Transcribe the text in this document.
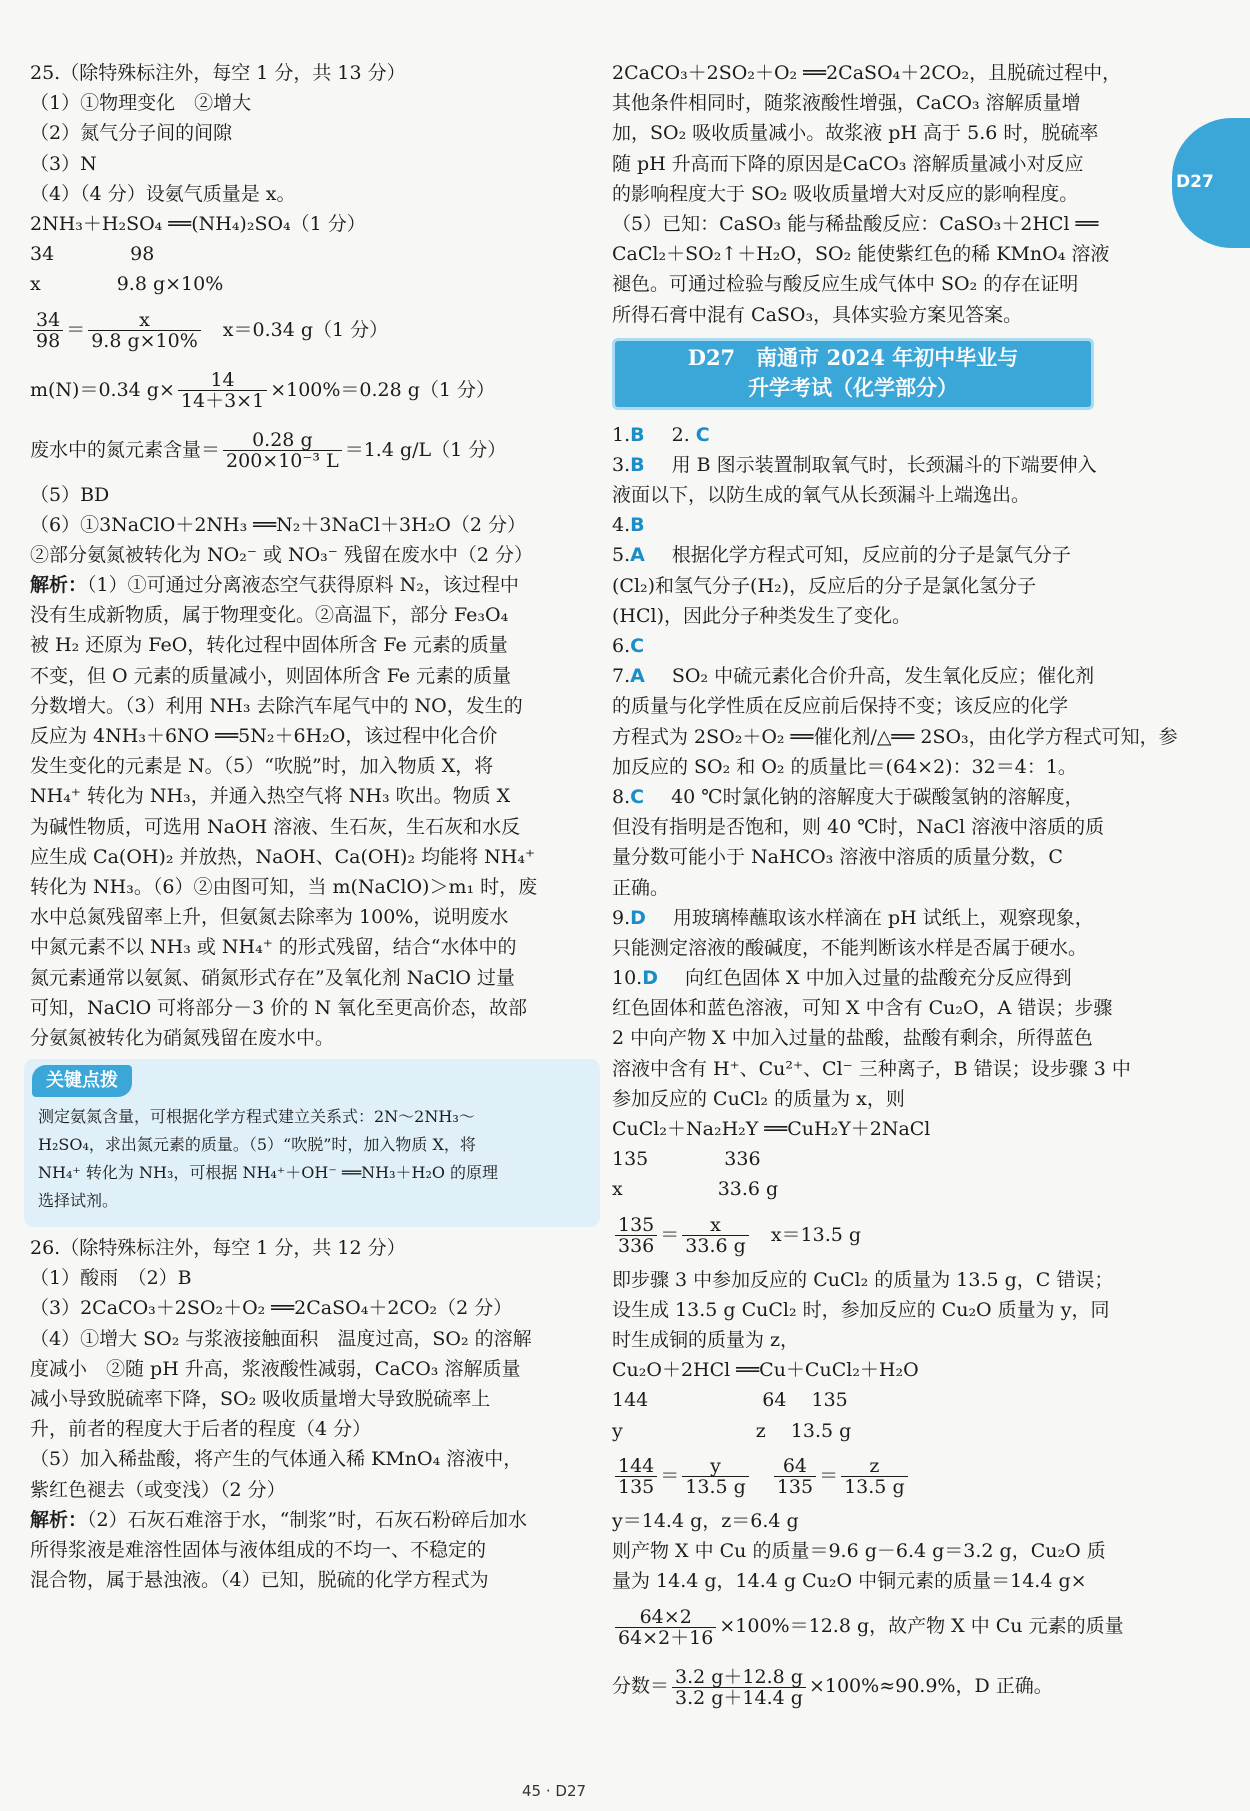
D27
25.（除特殊标注外，每空 1 分，共 13 分）
（1）①物理变化　②增大
（2）氮气分子间的间隙
（3）N
（4）（4 分）设氨气质量是 x。
2NH₃＋H₂SO₄ ══(NH₄)₂SO₄（1 分）
34　　　　98
x　　　　9.8 g×10%
$\frac{34}{98} = \frac{x}{9.8 g\times 10\%}$
　 x＝0.34 g（1 分）
m(N)＝0.34 $g\times \frac{14}{14+3\times 1} \times 100\%=0.28$ g（1 分）
废水中的氮元素含量＝ $\frac{0.28 g}{\text{200×10⁻³ L}} =1.4$ g/L（1 分）
（5）BD
（6）①3NaClO＋2NH₃ ══N₂＋3NaCl＋3H₂O（2 分）
②部分氨氮被转化为 NO₂⁻ 或 NO₃⁻ 残留在废水中（2 分）
解析：（1）①可通过分离液态空气获得原料 N₂，该过程中
没有生成新物质，属于物理变化。②高温下，部分 Fe₃O₄
被 H₂ 还原为 FeO，转化过程中固体所含 Fe 元素的质量
不变，但 O 元素的质量减小，则固体所含 Fe 元素的质量
分数增大。（3）利用 NH₃ 去除汽车尾气中的 NO，发生的
反应为 4NH₃＋6NO ══5N₂＋6H₂O，该过程中化合价
发生变化的元素是 N。（5）“吹脱”时，加入物质 X，将
NH₄⁺ 转化为 NH₃，并通入热空气将 NH₃ 吹出。物质 X
为碱性物质，可选用 NaOH 溶液、生石灰，生石灰和水反
应生成 Ca(OH)₂ 并放热，NaOH、Ca(OH)₂ 均能将 NH₄⁺
转化为 NH₃。（6）②由图可知，当 m(NaClO)＞m₁ 时，废
水中总氮残留率上升，但氨氮去除率为 100%，说明废水
中氮元素不以 NH₃ 或 NH₄⁺ 的形式残留，结合“水体中的
氮元素通常以氨氮、硝氮形式存在”及氧化剂 NaClO 过量
可知，NaClO 可将部分－3 价的 N 氧化至更高价态，故部
分氨氮被转化为硝氮残留在废水中。
关键点拨
测定氨氮含量，可根据化学方程式建立关系式：2N～2NH₃～
H₂SO₄，求出氮元素的质量。（5）“吹脱”时，加入物质 X，将
NH₄⁺ 转化为 NH₃，可根据 NH₄⁺＋OH⁻ ══NH₃＋H₂O 的原理
选择试剂。
26.（除特殊标注外，每空 1 分，共 12 分）
（1）酸雨　（2）B
（3）2CaCO₃＋2SO₂＋O₂ ══2CaSO₄＋2CO₂（2 分）
（4）①增大 SO₂ 与浆液接触面积　温度过高，SO₂ 的溶解
度减小　②随 pH 升高，浆液酸性减弱，CaCO₃ 溶解质量
减小导致脱硫率下降，SO₂ 吸收质量增大导致脱硫率上
升，前者的程度大于后者的程度（4 分）
（5）加入稀盐酸，将产生的气体通入稀 KMnO₄ 溶液中，
紫红色褪去（或变浅）（2 分）
解析：（2）石灰石难溶于水，“制浆”时，石灰石粉碎后加水
所得浆液是难溶性固体与液体组成的不均一、不稳定的
混合物，属于悬浊液。（4）已知，脱硫的化学方程式为
2CaCO₃＋2SO₂＋O₂ ══2CaSO₄＋2CO₂，且脱硫过程中，
其他条件相同时，随浆液酸性增强，CaCO₃ 溶解质量增
加，SO₂ 吸收质量减小。故浆液 pH 高于 5.6 时，脱硫率
随 pH 升高而下降的原因是CaCO₃ 溶解质量减小对反应
的影响程度大于 SO₂ 吸收质量增大对反应的影响程度。
（5）已知：CaSO₃ 能与稀盐酸反应：CaSO₃＋2HCl ══
CaCl₂＋SO₂↑＋H₂O，SO₂ 能使紫红色的稀 KMnO₄ 溶液
褪色。可通过检验与酸反应生成气体中 SO₂ 的存在证明
所得石膏中混有 CaSO₃，具体实验方案见答案。
D27　南通市 2024 年初中毕业与
升学考试（化学部分）
1.B　2. C
3.B　用 B 图示装置制取氧气时，长颈漏斗的下端要伸入
液面以下，以防生成的氧气从长颈漏斗上端逸出。
4.B
5.A　根据化学方程式可知，反应前的分子是氯气分子
(Cl₂)和氢气分子(H₂)，反应后的分子是氯化氢分子
(HCl)，因此分子种类发生了变化。
6.C
7.A　SO₂ 中硫元素化合价升高，发生氧化反应；催化剂
的质量与化学性质在反应前后保持不变；该反应的化学
方程式为 2SO₂＋O₂ ══催化剂/△══ 2SO₃，由化学方程式可知，参
加反应的 SO₂ 和 O₂ 的质量比＝(64×2)：32＝4：1。
8.C　40 ℃时氯化钠的溶解度大于碳酸氢钠的溶解度，
但没有指明是否饱和，则 40 ℃时，NaCl 溶液中溶质的质
量分数可能小于 NaHCO₃ 溶液中溶质的质量分数，C
正确。
9.D　用玻璃棒蘸取该水样滴在 pH 试纸上，观察现象，
只能测定溶液的酸碱度，不能判断该水样是否属于硬水。
10.D　向红色固体 X 中加入过量的盐酸充分反应得到
红色固体和蓝色溶液，可知 X 中含有 Cu₂O，A 错误；步骤
2 中向产物 X 中加入过量的盐酸，盐酸有剩余，所得蓝色
溶液中含有 H⁺、Cu²⁺、Cl⁻ 三种离子，B 错误；设步骤 3 中
参加反应的 CuCl₂ 的质量为 x，则
CuCl₂＋Na₂H₂Y ══CuH₂Y＋2NaCl
135　　　　336
x　　　　　33.6 g
$\frac{135}{336} = \frac{x}{33.6 g}$
　 x＝13.5 g
即步骤 3 中参加反应的 CuCl₂ 的质量为 13.5 g，C 错误；
设生成 13.5 g CuCl₂ 时，参加反应的 Cu₂O 质量为 y，同
时生成铜的质量为 z，
Cu₂O＋2HCl ══Cu＋CuCl₂＋H₂O
144　　　　　　64　 135
y　　　　　　　z　 13.5 g
$\frac{144}{135} = \frac{y}{13.5 g}$
　 $\frac{64}{135} = \frac{z}{13.5 g}$
y＝14.4 g，z＝6.4 g
则产物 X 中 Cu 的质量＝9.6 g－6.4 g＝3.2 g，Cu₂O 质
量为 14.4 g，14.4 g Cu₂O 中铜元素的质量＝14.4 g×
$\frac{64\times 2}{64\times 2+16} \times 100\%=12.8$ g，故产物 X 中 Cu 元素的质量
分数＝ $\frac{3.2 g+12.8 g}{3.2 g+14.4 g} \times 100\%\approx 90.9\%$，D 正确。
45 · D27
